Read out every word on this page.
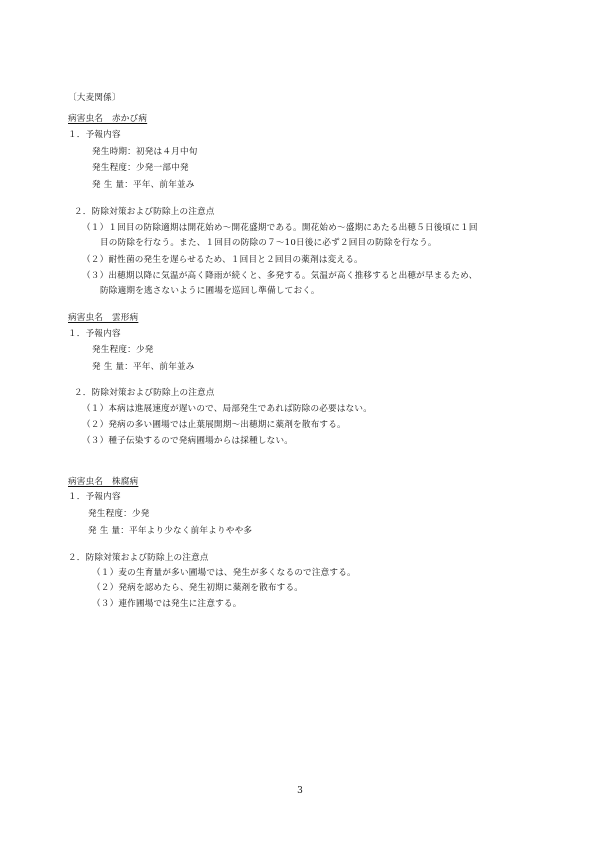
〔大麦関係〕
病害虫名　赤かび病
１．予報内容
発生時期：初発は４月中旬
発生程度：少発一部中発
発 生 量：平年、前年並み
２．防除対策および防除上の注意点
（１）１回目の防除適期は開花始め～開花盛期である。開花始め～盛期にあたる出穂５日後頃に１回
目の防除を行なう。また、１回目の防除の７～10日後に必ず２回目の防除を行なう。
（２）耐性菌の発生を遅らせるため、１回目と２回目の薬剤は変える。
（３）出穂期以降に気温が高く降雨が続くと、多発する。気温が高く推移すると出穂が早まるため、
防除適期を逃さないように圃場を巡回し準備しておく。
病害虫名　雲形病
１．予報内容
発生程度：少発
発 生 量：平年、前年並み
２．防除対策および防除上の注意点
（１）本病は進展速度が遅いので、局部発生であれば防除の必要はない。
（２）発病の多い圃場では止葉展開期～出穂期に薬剤を散布する。
（３）種子伝染するので発病圃場からは採種しない。
病害虫名　株腐病
１．予報内容
発生程度：少発
発 生 量：平年より少なく前年よりやや多
２．防除対策および防除上の注意点
（１）麦の生育量が多い圃場では、発生が多くなるので注意する。
（２）発病を認めたら、発生初期に薬剤を散布する。
（３）連作圃場では発生に注意する。
3
